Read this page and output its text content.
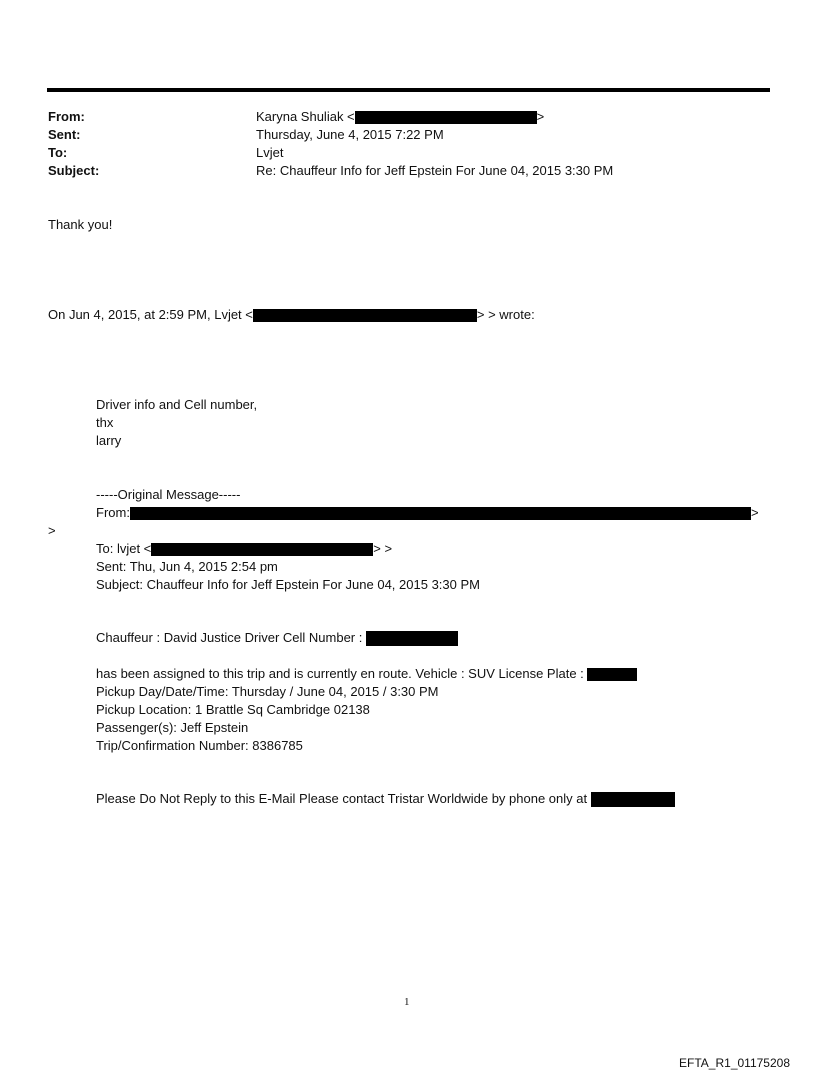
From:	Karyna Shuliak <	>
Sent:	Thursday, June 4, 2015 7:22 PM
To:	Lvjet
Subject:	Re: Chauffeur Info for Jeff Epstein For June 04, 2015 3:30 PM
Thank you!
On Jun 4, 2015, at 2:59 PM, Lvjet <	> > wrote:
Driver info and Cell number,
thx
larry
-----Original Message-----
From:	>
>
To: lvjet <	> >
Sent: Thu, Jun 4, 2015 2:54 pm
Subject: Chauffeur Info for Jeff Epstein For June 04, 2015 3:30 PM
Chauffeur : David Justice Driver Cell Number :
has been assigned to this trip and is currently en route. Vehicle : SUV License Plate :
Pickup Day/Date/Time: Thursday / June 04, 2015 / 3:30 PM
Pickup Location: 1 Brattle Sq Cambridge 02138
Passenger(s): Jeff Epstein
Trip/Confirmation Number: 8386785
Please Do Not Reply to this E-Mail Please contact Tristar Worldwide by phone only at
1
EFTA_R1_01175208
